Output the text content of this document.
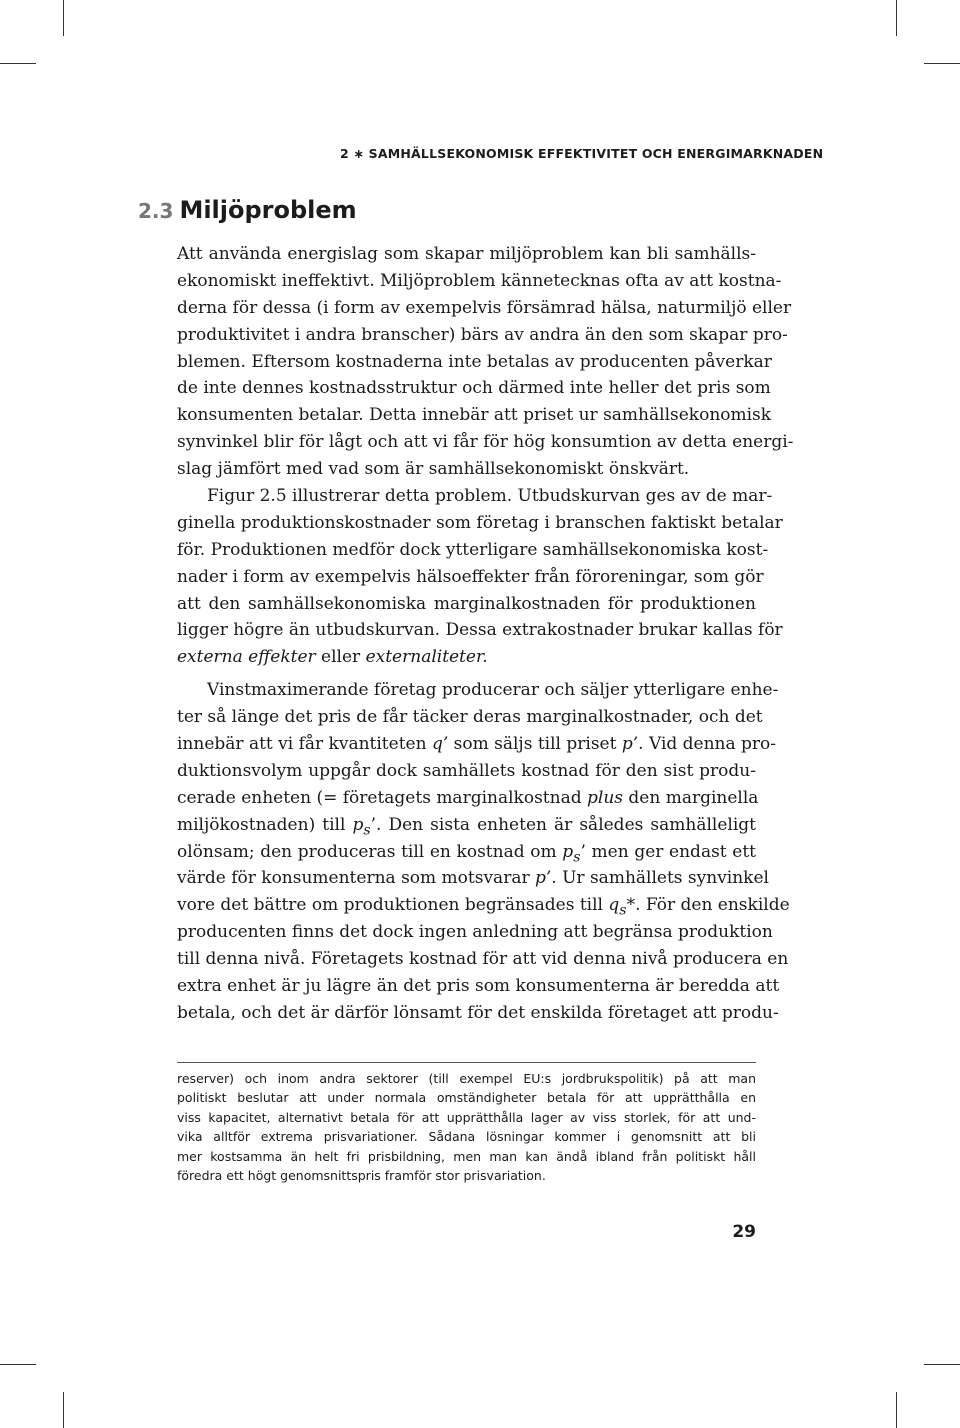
2 ∗ SAMHÄLLSEKONOMISK EFFEKTIVITET OCH ENERGIMARKNADEN
2.3 Miljöproblem
Att använda energislag som skapar miljöproblem kan bli samhälls-
ekonomiskt ineffektivt. Miljöproblem kännetecknas ofta av att kostna-
derna för dessa (i form av exempelvis försämrad hälsa, naturmiljö eller
produktivitet i andra branscher) bärs av andra än den som skapar pro-
blemen. Eftersom kostnaderna inte betalas av producenten påverkar
de inte dennes kostnadsstruktur och därmed inte heller det pris som
konsumenten betalar. Detta innebär att priset ur samhällsekonomisk
synvinkel blir för lågt och att vi får för hög konsumtion av detta energi-
slag jämfört med vad som är samhällsekonomiskt önskvärt.
Figur 2.5 illustrerar detta problem. Utbudskurvan ges av de mar-
ginella produktionskostnader som företag i branschen faktiskt betalar
för. Produktionen medför dock ytterligare samhällsekonomiska kost-
nader i form av exempelvis hälsoeffekter från föroreningar, som gör
att den samhällsekonomiska marginalkostnaden för produktionen
ligger högre än utbudskurvan. Dessa extrakostnader brukar kallas för
externa effekter eller externaliteter.
Vinstmaximerande företag producerar och säljer ytterligare enhe-
ter så länge det pris de får täcker deras marginalkostnader, och det
innebär att vi får kvantiteten q’ som säljs till priset p’. Vid denna pro-
duktionsvolym uppgår dock samhällets kostnad för den sist produ-
cerade enheten (= företagets marginalkostnad plus den marginella
miljökostnaden) till $p_s$’. Den sista enheten är således samhälleligt
olönsam; den produceras till en kostnad om $p_s$’ men ger endast ett
värde för konsumenterna som motsvarar p’. Ur samhällets synvinkel
vore det bättre om produktionen begränsades till $q_s*$. För den enskilde
producenten finns det dock ingen anledning att begränsa produktion
till denna nivå. Företagets kostnad för att vid denna nivå producera en
extra enhet är ju lägre än det pris som konsumenterna är beredda att
betala, och det är därför lönsamt för det enskilda företaget att produ-
reserver) och inom andra sektorer (till exempel EU:s jordbrukspolitik) på att man
politiskt beslutar att under normala omständigheter betala för att upprätthålla en
viss kapacitet, alternativt betala för att upprätthålla lager av viss storlek, för att und-
vika alltför extrema prisvariationer. Sådana lösningar kommer i genomsnitt att bli
mer kostsamma än helt fri prisbildning, men man kan ändå ibland från politiskt håll
föredra ett högt genomsnittspris framför stor prisvariation.
29
